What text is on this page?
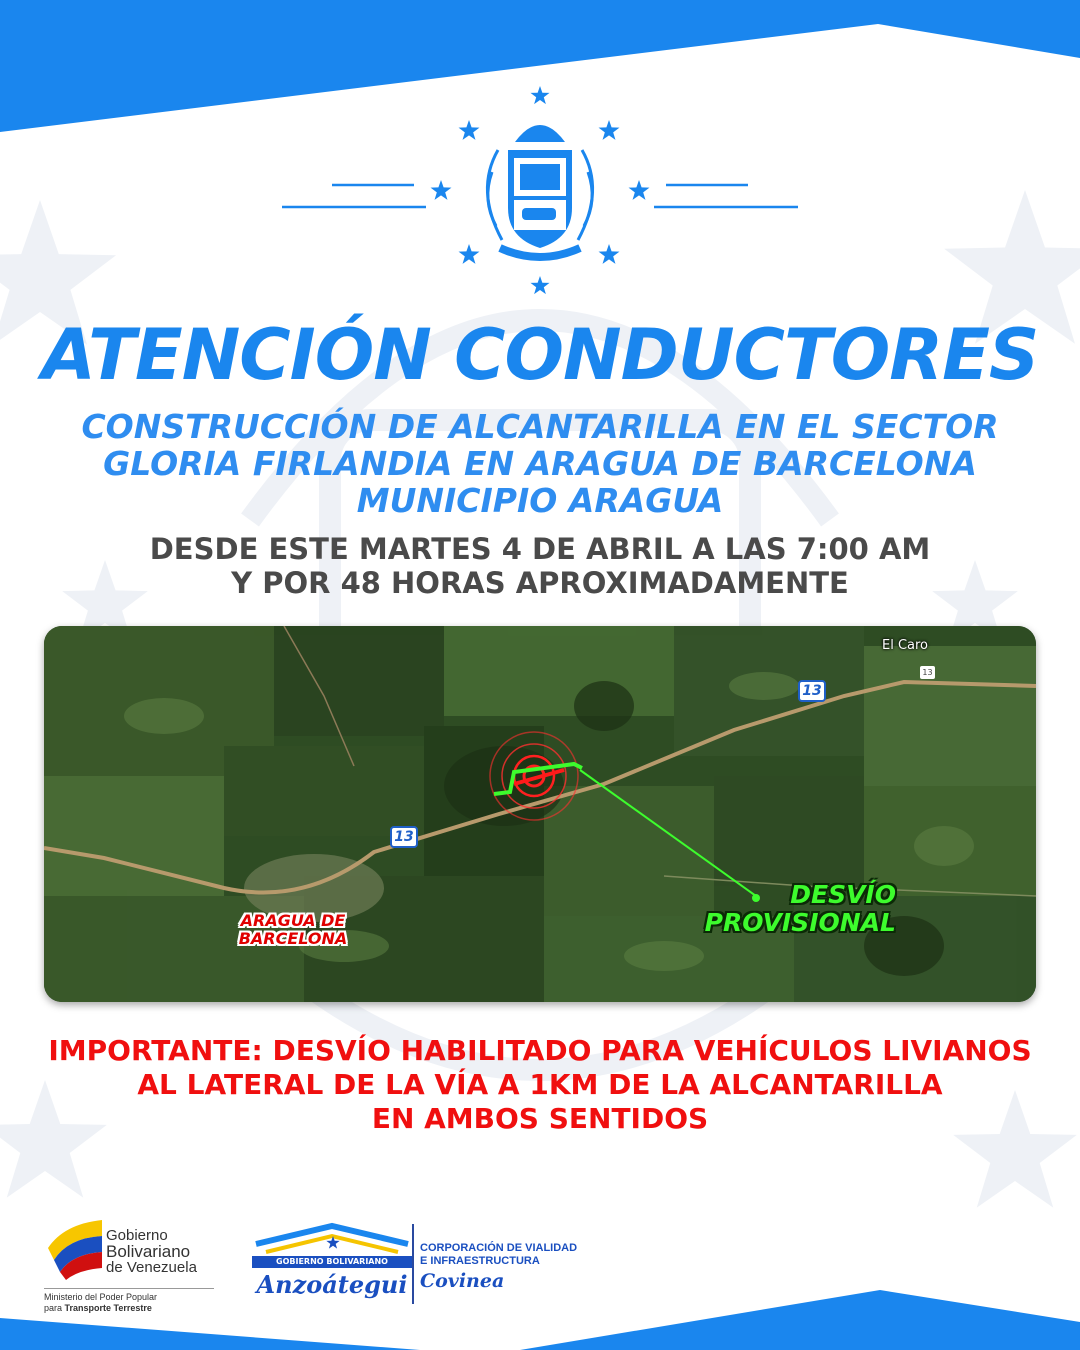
ATENCIÓN CONDUCTORES
CONSTRUCCIÓN DE ALCANTARILLA EN EL SECTOR
GLORIA FIRLANDIA EN ARAGUA DE BARCELONA
MUNICIPIO ARAGUA
DESDE ESTE MARTES 4 DE ABRIL A LAS 7:00 AM
Y POR 48 HORAS APROXIMADAMENTE
El Caro
13
13
13
ARAGUA DE
BARCELONA
DESVÍO
PROVISIONAL
IMPORTANTE: DESVÍO HABILITADO PARA VEHÍCULOS LIVIANOS
AL LATERAL DE LA VÍA A 1KM DE LA ALCANTARILLA
EN AMBOS SENTIDOS
Gobierno
Bolivariano
de Venezuela
Ministerio del Poder Popular
para Transporte Terrestre
GOBIERNO BOLIVARIANO
Anzoátegui
CORPORACIÓN DE VIALIDAD
E INFRAESTRUCTURA
Covinea
